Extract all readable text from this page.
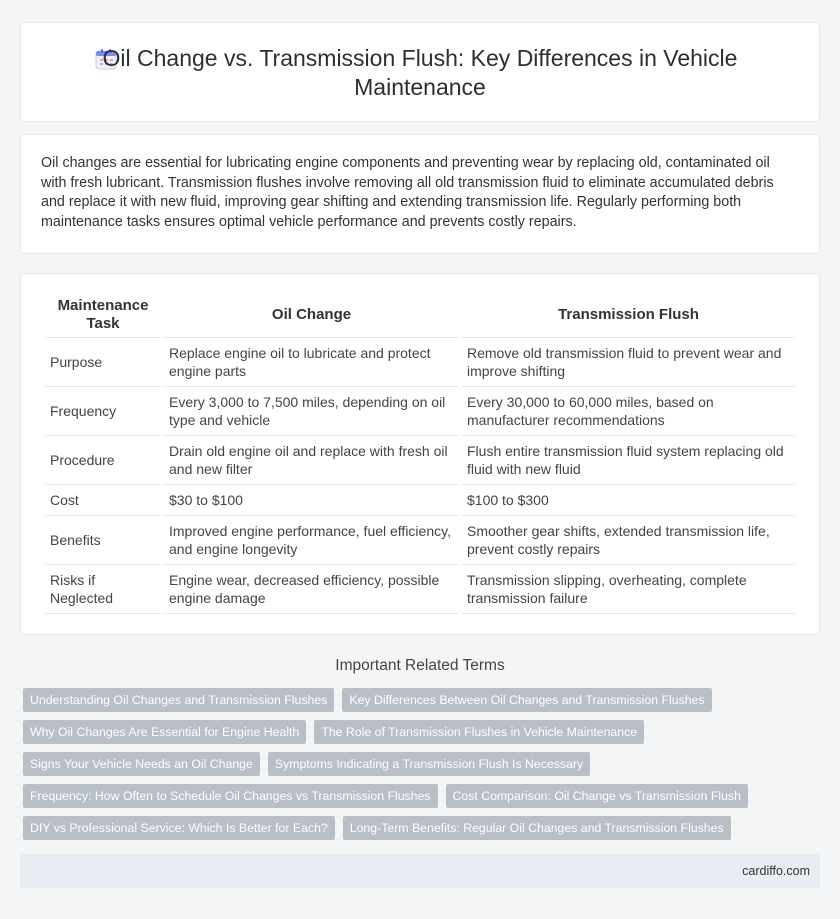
Oil Change vs. Transmission Flush: Key Differences in Vehicle Maintenance

Oil changes are essential for lubricating engine components and preventing wear by replacing old, contaminated oil with fresh lubricant. Transmission flushes involve removing all old transmission fluid to eliminate accumulated debris and replace it with new fluid, improving gear shifting and extending transmission life. Regularly performing both maintenance tasks ensures optimal vehicle performance and prevents costly repairs.

Maintenance Task	Oil Change	Transmission Flush
Purpose	Replace engine oil to lubricate and protect engine parts	Remove old transmission fluid to prevent wear and improve shifting
Frequency	Every 3,000 to 7,500 miles, depending on oil type and vehicle	Every 30,000 to 60,000 miles, based on manufacturer recommendations
Procedure	Drain old engine oil and replace with fresh oil and new filter	Flush entire transmission fluid system replacing old fluid with new fluid
Cost	$30 to $100	$100 to $300
Benefits	Improved engine performance, fuel efficiency, and engine longevity	Smoother gear shifts, extended transmission life, prevent costly repairs
Risks if Neglected	Engine wear, decreased efficiency, possible engine damage	Transmission slipping, overheating, complete transmission failure
Important Related Terms
Understanding Oil Changes and Transmission Flushes	Key Differences Between Oil Changes and Transmission Flushes
Why Oil Changes Are Essential for Engine Health	The Role of Transmission Flushes in Vehicle Maintenance
Signs Your Vehicle Needs an Oil Change	Symptoms Indicating a Transmission Flush Is Necessary
Frequency: How Often to Schedule Oil Changes vs Transmission Flushes	Cost Comparison: Oil Change vs Transmission Flush
DIY vs Professional Service: Which Is Better for Each?	Long-Term Benefits: Regular Oil Changes and Transmission Flushes
cardiffo.com
